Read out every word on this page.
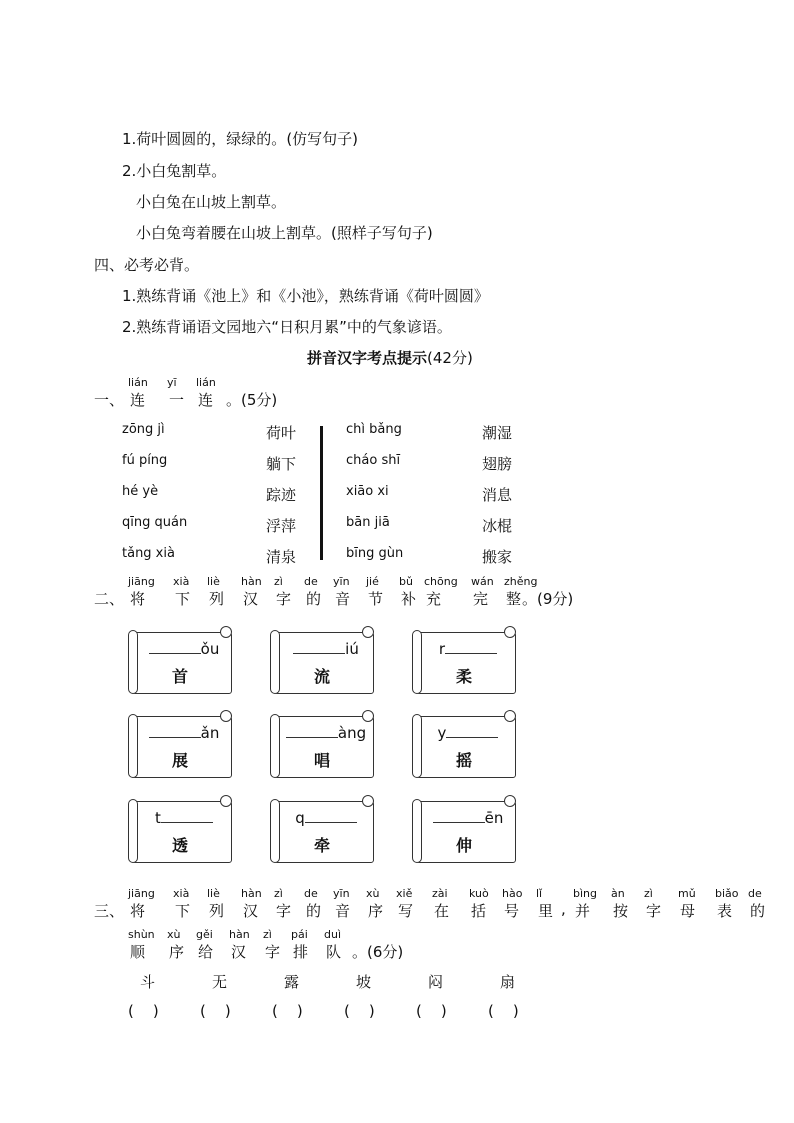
1.荷叶圆圆的，绿绿的。(仿写句子)
2.小白兔割草。
小白兔在山坡上割草。
小白兔弯着腰在山坡上割草。(照样子写句子)
四、必考必背。
1.熟练背诵《池上》和《小池》，熟练背诵《荷叶圆圆》
2.熟练背诵语文园地六“日积月累”中的气象谚语。
拼音汉字考点提示(42分)
一、
lián
连
yī
一
lián
连 。(5分)
zōng jì
fú píng
hé yè
qīng quán
tǎng xià
荷叶
躺下
踪迹
浮萍
清泉
chì bǎng
cháo shī
xiāo xi
bān jiā
bīng gùn
潮湿
翅膀
消息
冰棍
搬家
二、
jiāng
将
xià
下
liè
列
hàn
汉
zì
字
de
的
yīn
音
jié
节
bǔ
补
chōng
充
wán
完
zhěng
整 。(9分)
ǒu
首
iú
流
r
柔
ǎn
展
àng
唱
y
摇
t
透
q
牵
ēn
伸
三、
jiāng
将
xià
下
liè
列
hàn
汉
zì
字
de
的
yīn
音
xù
序
xiě
写
zài
在
kuò
括
hào
号
lǐ
里
bìng
并
àn
按
zì
字
mǔ
母
biǎo
表
de
的
,
shùn
顺
xù
序
gěi
给
hàn
汉
zì
字
pái
排
duì
队 。(6分)
斗
(    )
无
(    )
露
(    )
坡
(    )
闷
(    )
扇
(    )
